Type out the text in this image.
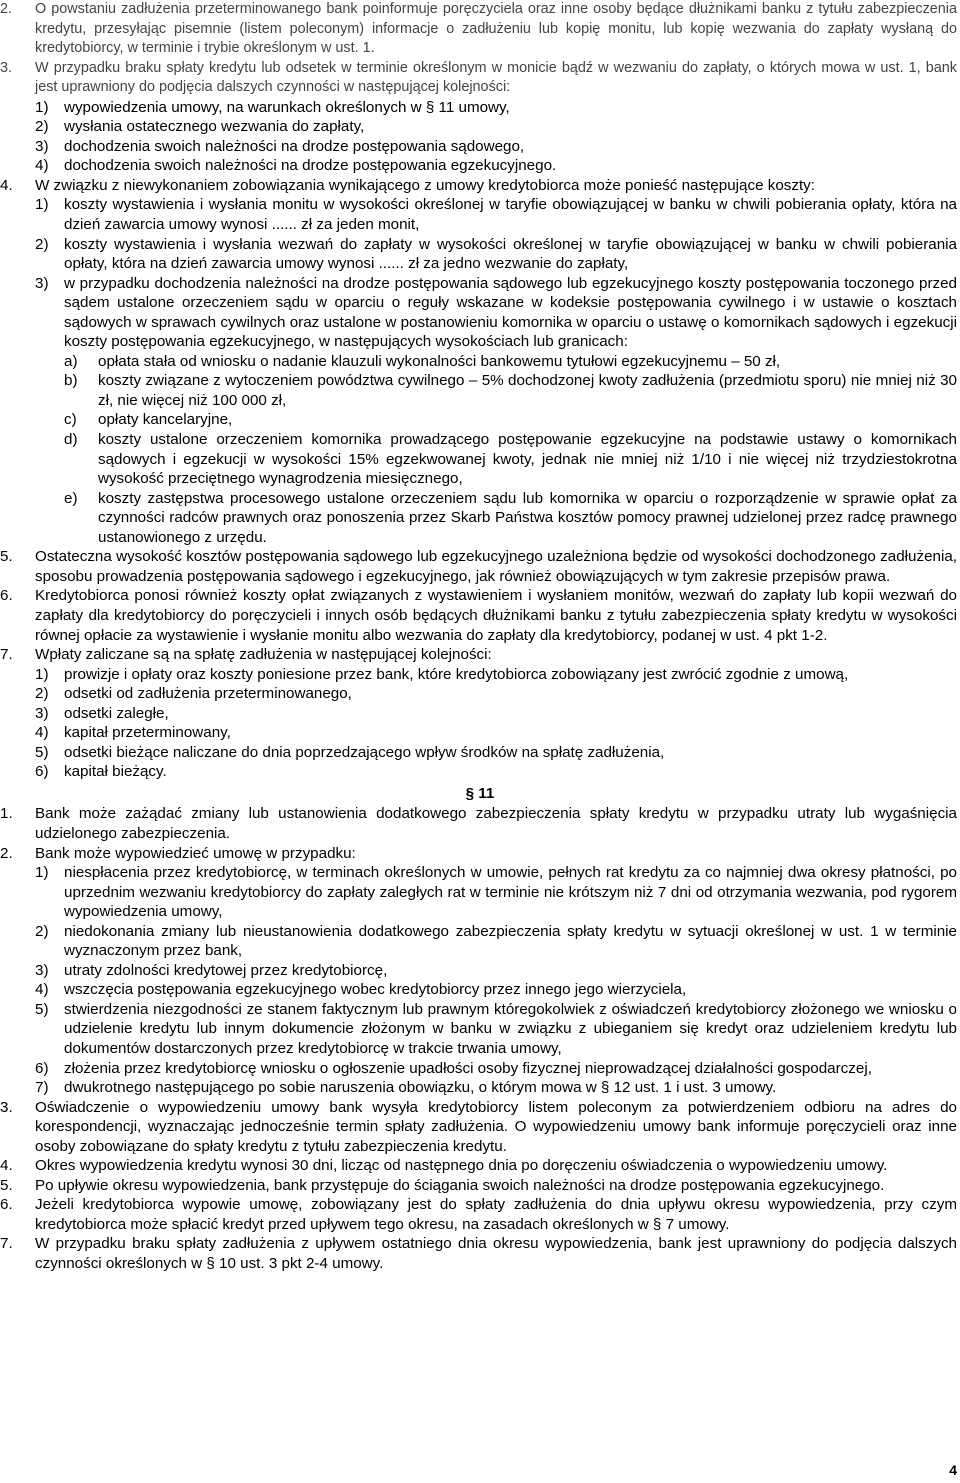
2.	O powstaniu zadłużenia przeterminowanego bank poinformuje poręczyciela oraz inne osoby będące dłużnikami banku z tytułu zabezpieczenia kredytu, przesyłając pisemnie (listem poleconym) informacje o zadłużeniu lub kopię monitu, lub kopię wezwania do zapłaty wysłaną do kredytobiorcy, w terminie i trybie określonym w ust. 1.
3.	W przypadku braku spłaty kredytu lub odsetek w terminie określonym w monicie bądź w wezwaniu do zapłaty, o których mowa w ust. 1, bank jest uprawniony do podjęcia dalszych czynności w następującej kolejności:
1) wypowiedzenia umowy, na warunkach określonych w § 11 umowy,
2) wysłania ostatecznego wezwania do zapłaty,
3) dochodzenia swoich należności na drodze postępowania sądowego,
4) dochodzenia swoich należności na drodze postępowania egzekucyjnego.
4.	W związku z niewykonaniem zobowiązania wynikającego z umowy kredytobiorca może ponieść następujące koszty:
1) koszty wystawienia i wysłania monitu w wysokości określonej w taryfie obowiązującej w banku w chwili pobierania opłaty, która na dzień zawarcia umowy wynosi ...... zł za jeden monit,
2) koszty wystawienia i wysłania wezwań do zapłaty w wysokości określonej w taryfie obowiązującej w banku w chwili pobierania opłaty, która na dzień zawarcia umowy wynosi ...... zł za jedno wezwanie do zapłaty,
3) w przypadku dochodzenia należności na drodze postępowania sądowego lub egzekucyjnego koszty postępowania toczonego przed sądem ustalone orzeczeniem sądu w oparciu o reguły wskazane w kodeksie postępowania cywilnego i w ustawie o kosztach sądowych w sprawach cywilnych oraz ustalone w postanowieniu komornika w oparciu o ustawę o komornikach sądowych i egzekucji koszty postępowania egzekucyjnego, w następujących wysokościach lub granicach:
a) opłata stała od wniosku o nadanie klauzuli wykonalności bankowemu tytułowi egzekucyjnemu – 50 zł,
b) koszty związane z wytoczeniem powództwa cywilnego – 5% dochodzonej kwoty zadłużenia (przedmiotu sporu) nie mniej niż 30 zł, nie więcej niż 100 000 zł,
c) opłaty kancelaryjne,
d) koszty ustalone orzeczeniem komornika prowadzącego postępowanie egzekucyjne na podstawie ustawy o komornikach sądowych i egzekucji w wysokości 15% egzekwowanej kwoty, jednak nie mniej niż 1/10 i nie więcej niż trzydziestokrotna wysokość przeciętnego wynagrodzenia miesięcznego,
e) koszty zastępstwa procesowego ustalone orzeczeniem sądu lub komornika w oparciu o rozporządzenie w sprawie opłat za czynności radców prawnych oraz ponoszenia przez Skarb Państwa kosztów pomocy prawnej udzielonej przez radcę prawnego ustanowionego z urzędu.
5.	Ostateczna wysokość kosztów postępowania sądowego lub egzekucyjnego uzależniona będzie od wysokości dochodzonego zadłużenia, sposobu prowadzenia postępowania sądowego i egzekucyjnego, jak również obowiązujących w tym zakresie przepisów prawa.
6.	Kredytobiorca ponosi również koszty opłat związanych z wystawieniem i wysłaniem monitów, wezwań do zapłaty lub kopii wezwań do zapłaty dla kredytobiorcy do poręczycieli i innych osób będących dłużnikami banku z tytułu zabezpieczenia spłaty kredytu w wysokości równej opłacie za wystawienie i wysłanie monitu albo wezwania do zapłaty dla kredytobiorcy, podanej w ust. 4 pkt 1-2.
7.	Wpłaty zaliczane są na spłatę zadłużenia w następującej kolejności:
1) prowizje i opłaty oraz koszty poniesione przez bank, które kredytobiorca zobowiązany jest zwrócić zgodnie z umową,
2) odsetki od zadłużenia przeterminowanego,
3) odsetki zaległe,
4) kapitał przeterminowany,
5) odsetki bieżące naliczane do dnia poprzedzającego wpływ środków na spłatę zadłużenia,
6) kapitał bieżący.
§ 11
1.	Bank może zażądać zmiany lub ustanowienia dodatkowego zabezpieczenia spłaty kredytu w przypadku utraty lub wygaśnięcia udzielonego zabezpieczenia.
2.	Bank może wypowiedzieć umowę w przypadku:
1) niespłacenia przez kredytobiorcę, w terminach określonych w umowie, pełnych rat kredytu za co najmniej dwa okresy płatności, po uprzednim wezwaniu kredytobiorcy do zapłaty zaległych rat w terminie nie krótszym niż 7 dni od otrzymania wezwania, pod rygorem wypowiedzenia umowy,
2) niedokonania zmiany lub nieustanowienia dodatkowego zabezpieczenia spłaty kredytu w sytuacji określonej w ust. 1 w terminie wyznaczonym przez bank,
3) utraty zdolności kredytowej przez kredytobiorcę,
4) wszczęcia postępowania egzekucyjnego wobec kredytobiorcy przez innego jego wierzyciela,
5) stwierdzenia niezgodności ze stanem faktycznym lub prawnym któregokolwiek z oświadczeń kredytobiorcy złożonego we wniosku o udzielenie kredytu lub innym dokumencie złożonym w banku w związku z ubieganiem się kredyt oraz udzieleniem kredytu lub dokumentów dostarczonych przez kredytobiorcę w trakcie trwania umowy,
6) złożenia przez kredytobiorcę wniosku o ogłoszenie upadłości osoby fizycznej nieprowadzącej działalności gospodarczej,
7) dwukrotnego następującego po sobie naruszenia obowiązku, o którym mowa w § 12 ust. 1 i ust. 3 umowy.
3.	Oświadczenie o wypowiedzeniu umowy bank wysyła kredytobiorcy listem poleconym za potwierdzeniem odbioru na adres do korespondencji, wyznaczając jednocześnie termin spłaty zadłużenia. O wypowiedzeniu umowy bank informuje poręczycieli oraz inne osoby zobowiązane do spłaty kredytu z tytułu zabezpieczenia kredytu.
4.	Okres wypowiedzenia kredytu wynosi 30 dni, licząc od następnego dnia po doręczeniu oświadczenia o wypowiedzeniu umowy.
5.	Po upływie okresu wypowiedzenia, bank przystępuje do ściągania swoich należności na drodze postępowania egzekucyjnego.
6.	Jeżeli kredytobiorca wypowie umowę, zobowiązany jest do spłaty zadłużenia do dnia upływu okresu wypowiedzenia, przy czym kredytobiorca może spłacić kredyt przed upływem tego okresu, na zasadach określonych w § 7 umowy.
7.	W przypadku braku spłaty zadłużenia z upływem ostatniego dnia okresu wypowiedzenia, bank jest uprawniony do podjęcia dalszych czynności określonych w § 10 ust. 3 pkt 2-4 umowy.
4
